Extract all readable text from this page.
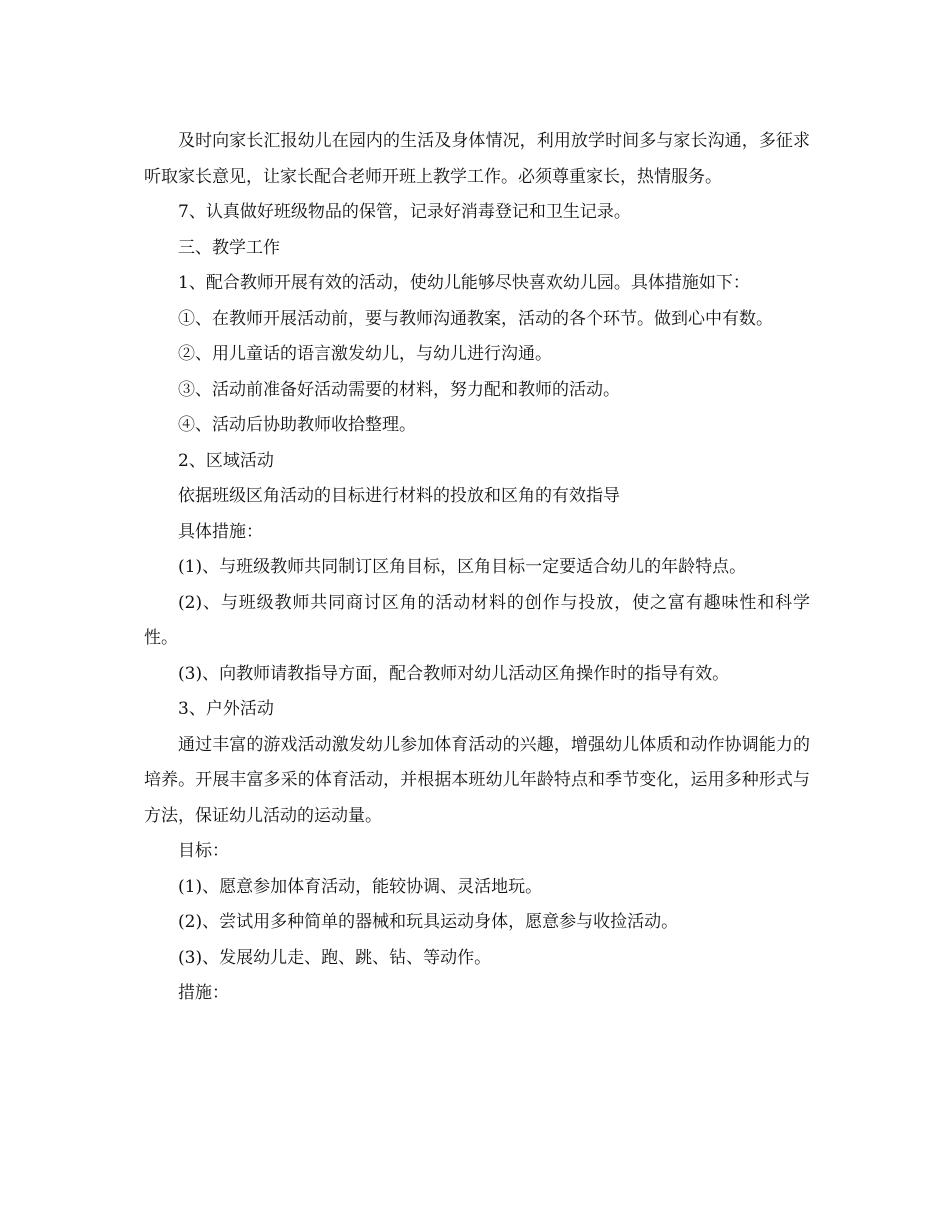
及时向家长汇报幼儿在园内的生活及身体情况，利用放学时间多与家长沟通，多征求听取家长意见，让家长配合老师开班上教学工作。必须尊重家长，热情服务。

7、认真做好班级物品的保管，记录好消毒登记和卫生记录。

三、教学工作

1、配合教师开展有效的活动，使幼儿能够尽快喜欢幼儿园。具体措施如下：

①、在教师开展活动前，要与教师沟通教案，活动的各个环节。做到心中有数。

②、用儿童话的语言激发幼儿，与幼儿进行沟通。

③、活动前准备好活动需要的材料，努力配和教师的活动。

④、活动后协助教师收拾整理。

2、区域活动

依据班级区角活动的目标进行材料的投放和区角的有效指导

具体措施：

(1)、与班级教师共同制订区角目标，区角目标一定要适合幼儿的年龄特点。

(2)、与班级教师共同商讨区角的活动材料的创作与投放，使之富有趣味性和科学性。

(3)、向教师请教指导方面，配合教师对幼儿活动区角操作时的指导有效。

3、户外活动

通过丰富的游戏活动激发幼儿参加体育活动的兴趣，增强幼儿体质和动作协调能力的培养。开展丰富多采的体育活动，并根据本班幼儿年龄特点和季节变化，运用多种形式与方法，保证幼儿活动的运动量。

目标：

(1)、愿意参加体育活动，能较协调、灵活地玩。

(2)、尝试用多种简单的器械和玩具运动身体，愿意参与收捡活动。

(3)、发展幼儿走、跑、跳、钻、等动作。

措施：
